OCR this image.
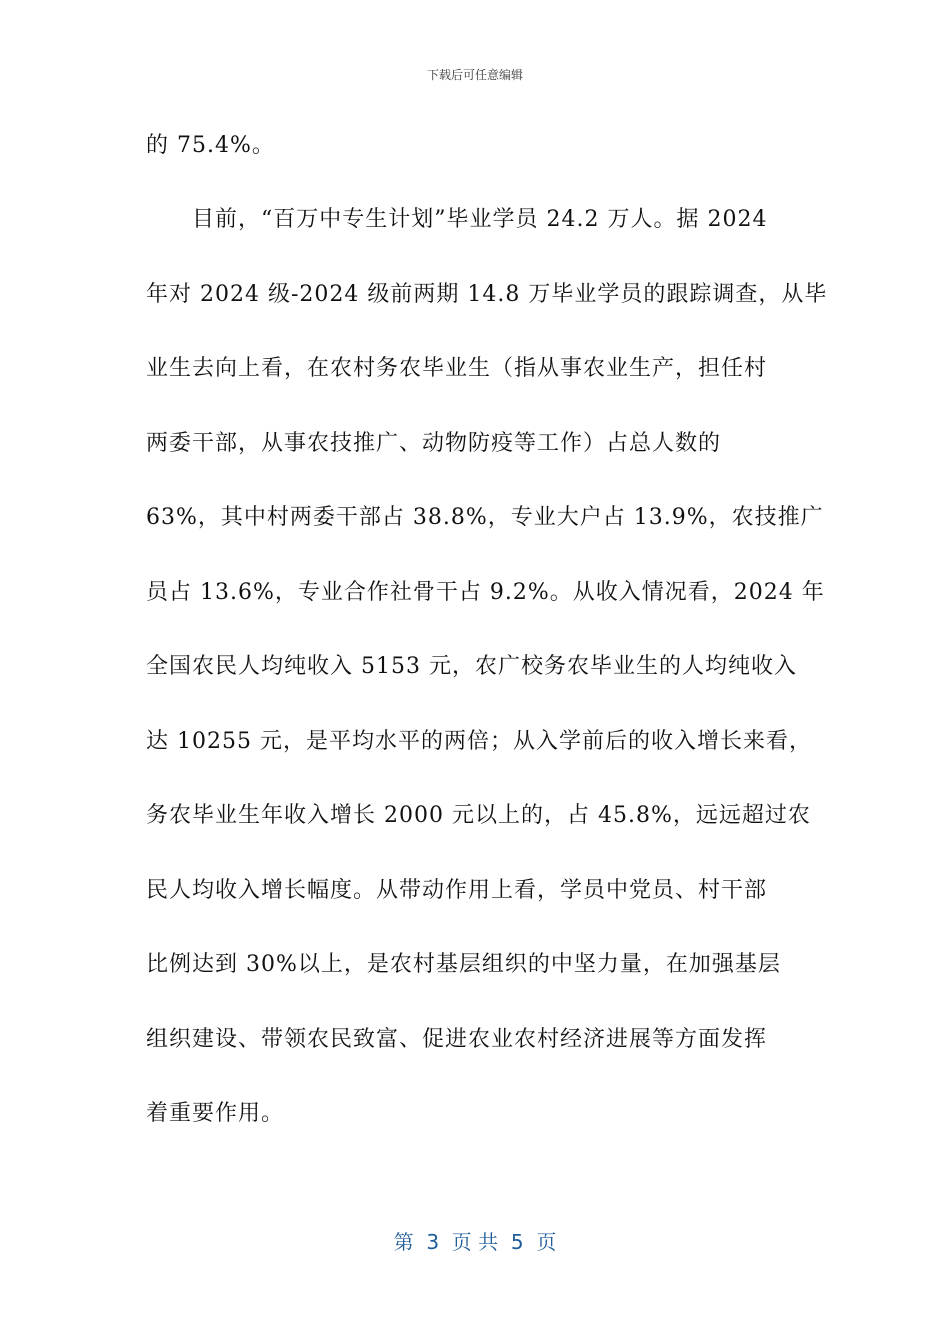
下载后可任意编辑
的 75.4%。
目前，“百万中专生计划”毕业学员 24.2 万人。据 2024
年对 2024 级-2024 级前两期 14.8 万毕业学员的跟踪调查，从毕
业生去向上看，在农村务农毕业生（指从事农业生产，担任村
两委干部，从事农技推广、动物防疫等工作）占总人数的
63%，其中村两委干部占 38.8%，专业大户占 13.9%，农技推广
员占 13.6%，专业合作社骨干占 9.2%。从收入情况看，2024 年
全国农民人均纯收入 5153 元，农广校务农毕业生的人均纯收入
达 10255 元，是平均水平的两倍；从入学前后的收入增长来看，
务农毕业生年收入增长 2000 元以上的，占 45.8%，远远超过农
民人均收入增长幅度。从带动作用上看，学员中党员、村干部
比例达到 30%以上，是农村基层组织的中坚力量，在加强基层
组织建设、带领农民致富、促进农业农村经济进展等方面发挥
着重要作用。
第  3  页 共  5  页
